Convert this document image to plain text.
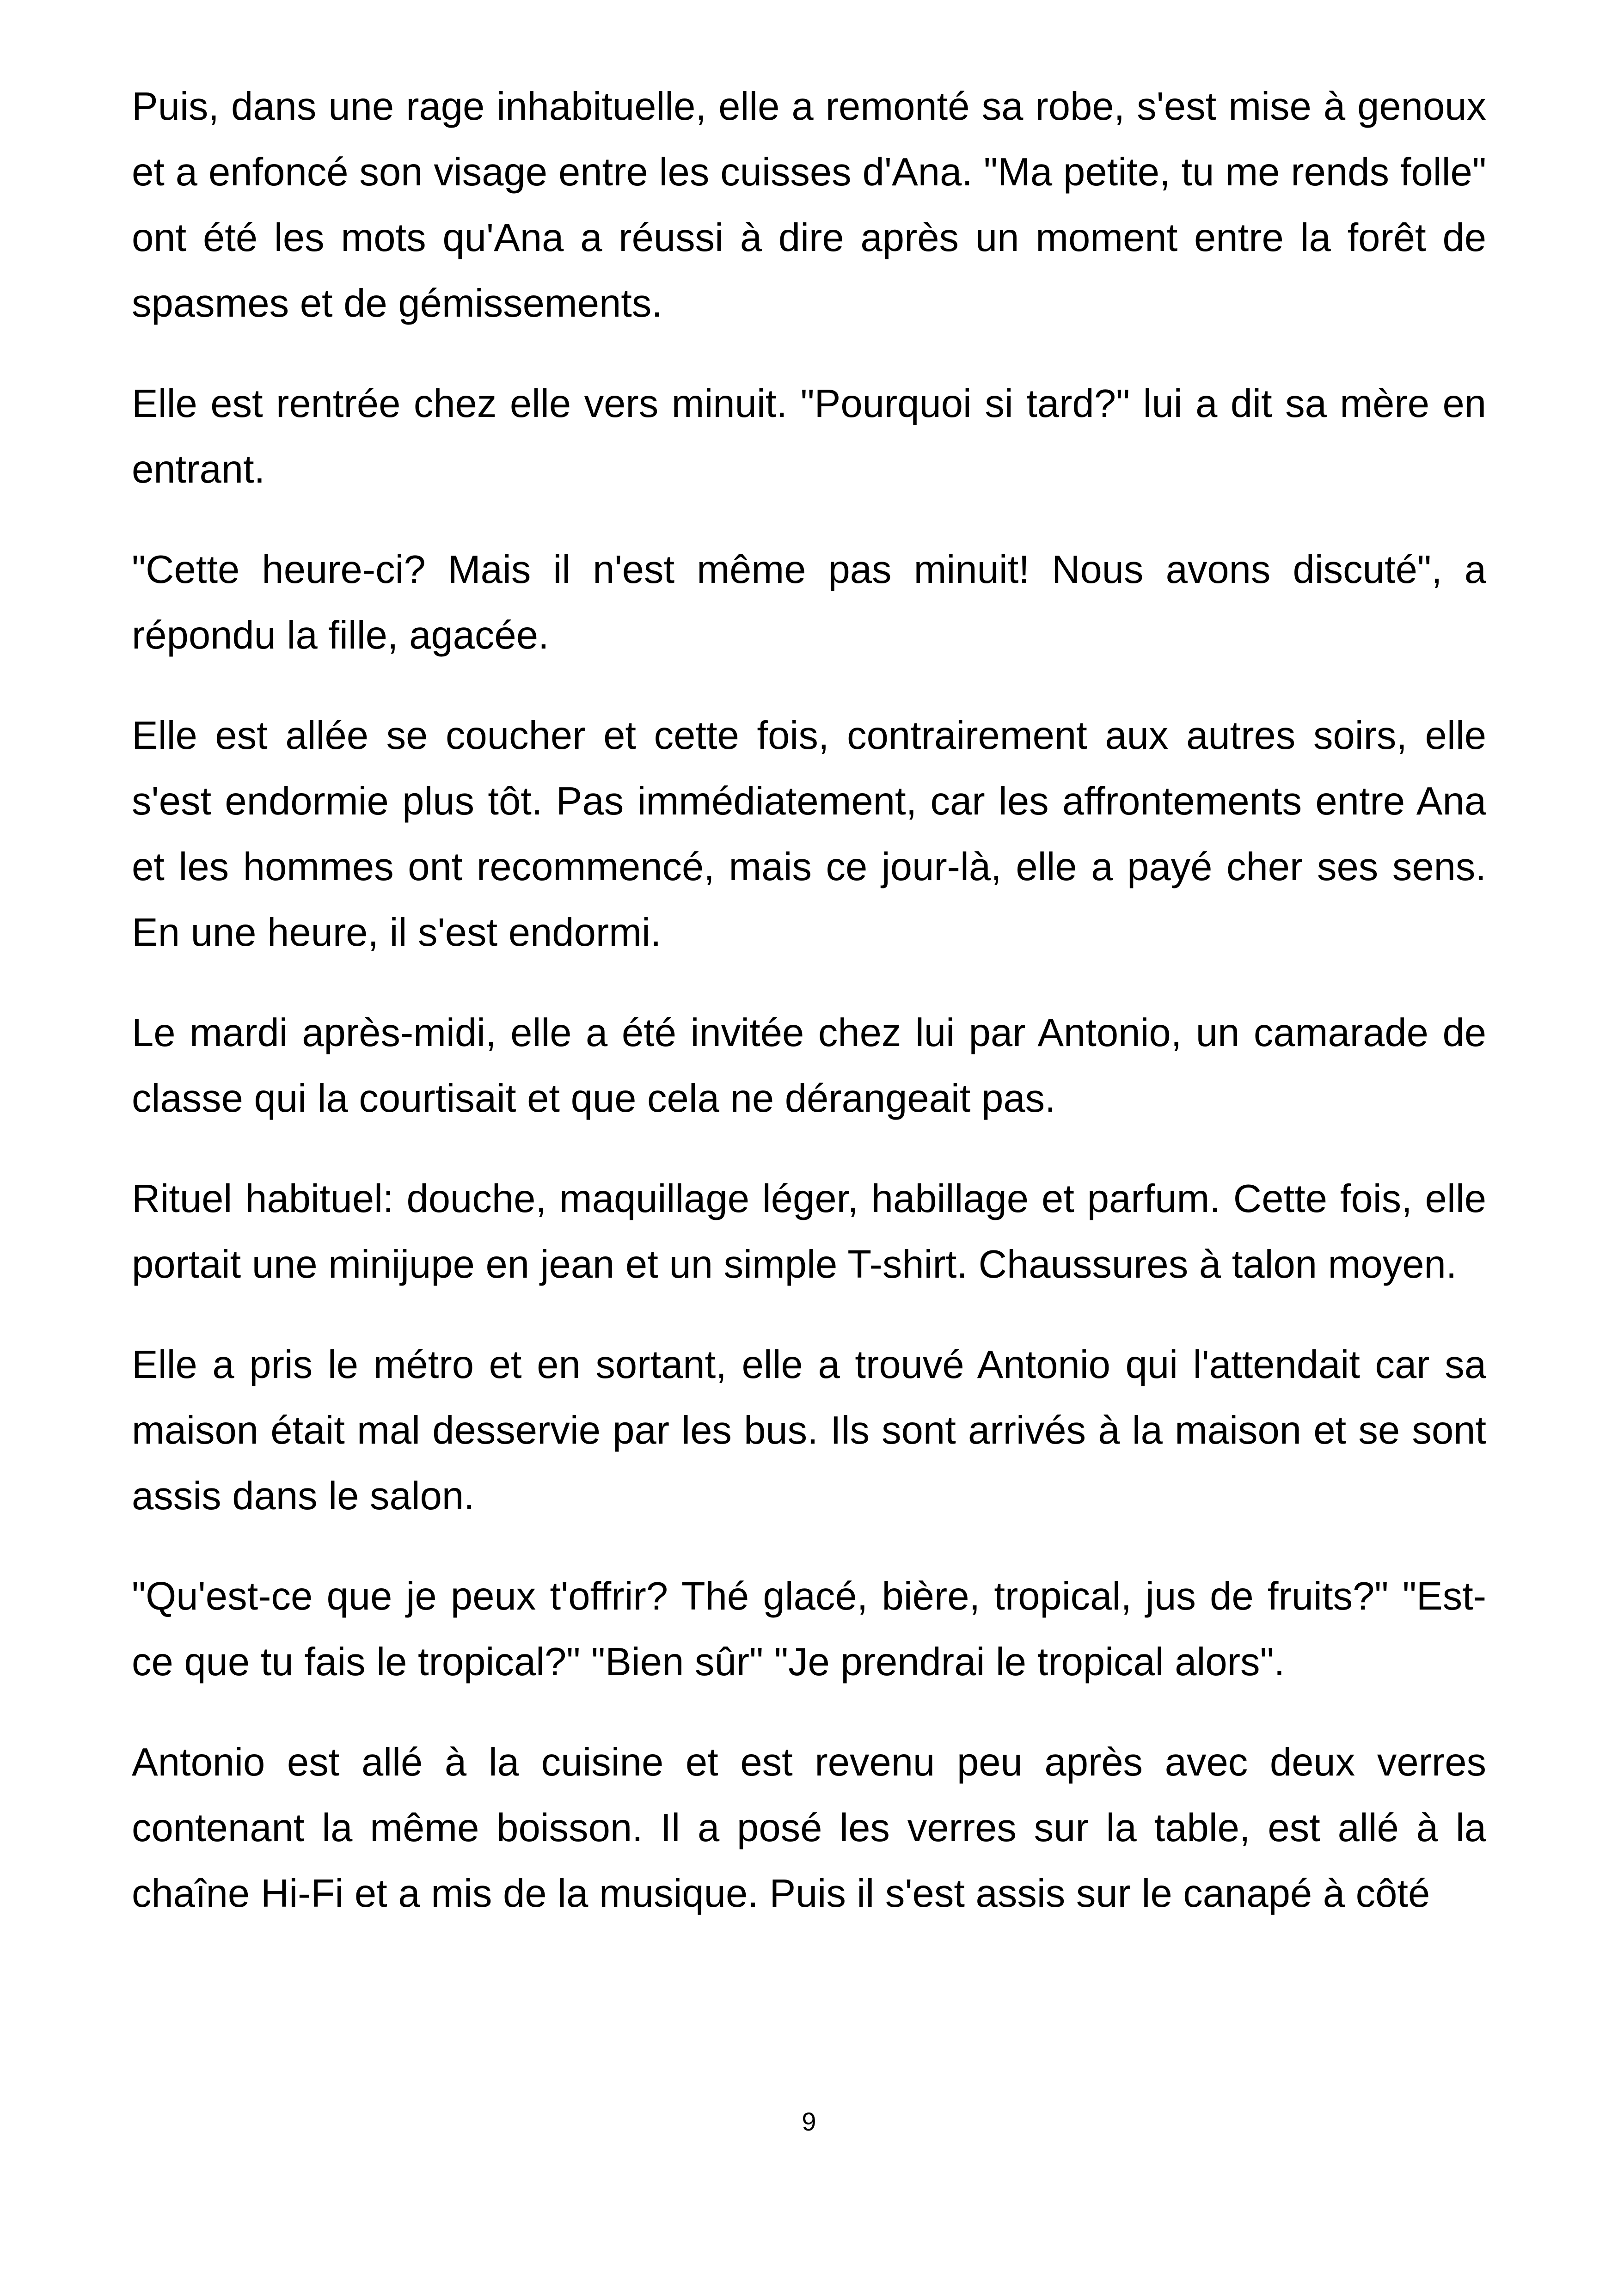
Puis, dans une rage inhabituelle, elle a remonté sa robe, s'est mise à genoux et a enfoncé son visage entre les cuisses d'Ana. "Ma petite, tu me rends folle" ont été les mots qu'Ana a réussi à dire après un moment entre la forêt de spasmes et de gémissements.

Elle est rentrée chez elle vers minuit. "Pourquoi si tard?" lui a dit sa mère en entrant.

"Cette heure-ci? Mais il n'est même pas minuit! Nous avons discuté", a répondu la fille, agacée.

Elle est allée se coucher et cette fois, contrairement aux autres soirs, elle s'est endormie plus tôt. Pas immédiatement, car les affrontements entre Ana et les hommes ont recommencé, mais ce jour-là, elle a payé cher ses sens. En une heure, il s'est endormi.

Le mardi après-midi, elle a été invitée chez lui par Antonio, un camarade de classe qui la courtisait et que cela ne dérangeait pas.

Rituel habituel: douche, maquillage léger, habillage et parfum. Cette fois, elle portait une minijupe en jean et un simple T-shirt. Chaussures à talon moyen.

Elle a pris le métro et en sortant, elle a trouvé Antonio qui l'attendait car sa maison était mal desservie par les bus. Ils sont arrivés à la maison et se sont assis dans le salon.

"Qu'est-ce que je peux t'offrir? Thé glacé, bière, tropical, jus de fruits?" "Est-ce que tu fais le tropical?" "Bien sûr" "Je prendrai le tropical alors".

Antonio est allé à la cuisine et est revenu peu après avec deux verres contenant la même boisson. Il a posé les verres sur la table, est allé à la chaîne Hi-Fi et a mis de la musique. Puis il s'est assis sur le canapé à côté

9
